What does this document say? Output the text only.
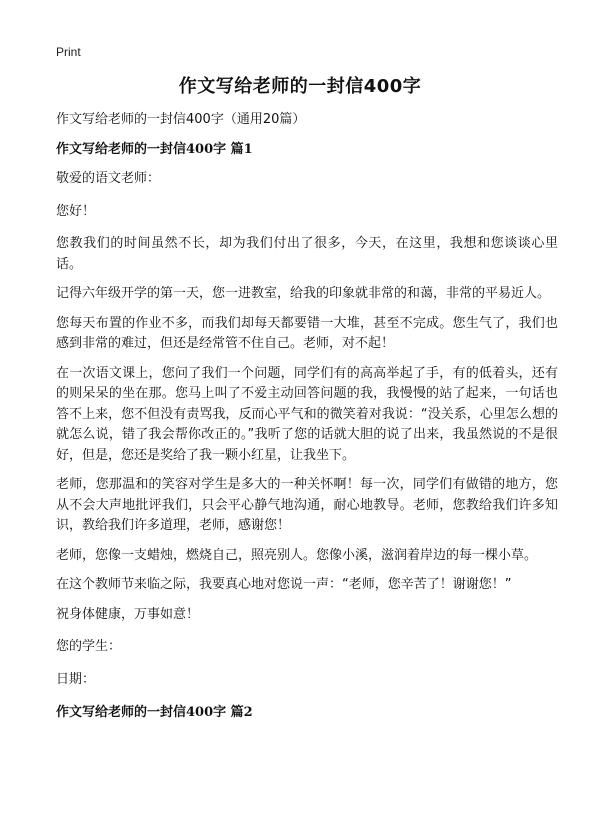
Print
作文写给老师的一封信400字
作文写给老师的一封信400字（通用20篇）
作文写给老师的一封信400字 篇1

敬爱的语文老师：

您好！

您教我们的时间虽然不长，却为我们付出了很多，今天，在这里，我想和您谈谈心里话。

记得六年级开学的第一天，您一进教室，给我的印象就非常的和蔼，非常的平易近人。

您每天布置的作业不多，而我们却每天都要错一大堆，甚至不完成。您生气了，我们也感到非常的难过，但还是经常管不住自己。老师，对不起！

在一次语文课上，您问了我们一个问题，同学们有的高高举起了手，有的低着头，还有的则呆呆的坐在那。您马上叫了不爱主动回答问题的我，我慢慢的站了起来，一句话也答不上来，您不但没有责骂我，反而心平气和的微笑着对我说：“没关系，心里怎么想的就怎么说，错了我会帮你改正的。”我听了您的话就大胆的说了出来，我虽然说的不是很好，但是，您还是奖给了我一颗小红星，让我坐下。

老师，您那温和的笑容对学生是多大的一种关怀啊！每一次，同学们有做错的地方，您从不会大声地批评我们，只会平心静气地沟通，耐心地教导。老师，您教给我们许多知识，教给我们许多道理，老师，感谢您！

老师，您像一支蜡烛，燃烧自己，照亮别人。您像小溪，滋润着岸边的每一棵小草。

在这个教师节来临之际，我要真心地对您说一声：“老师，您辛苦了！谢谢您！”

祝身体健康，万事如意！

您的学生：

日期：

作文写给老师的一封信400字 篇2
